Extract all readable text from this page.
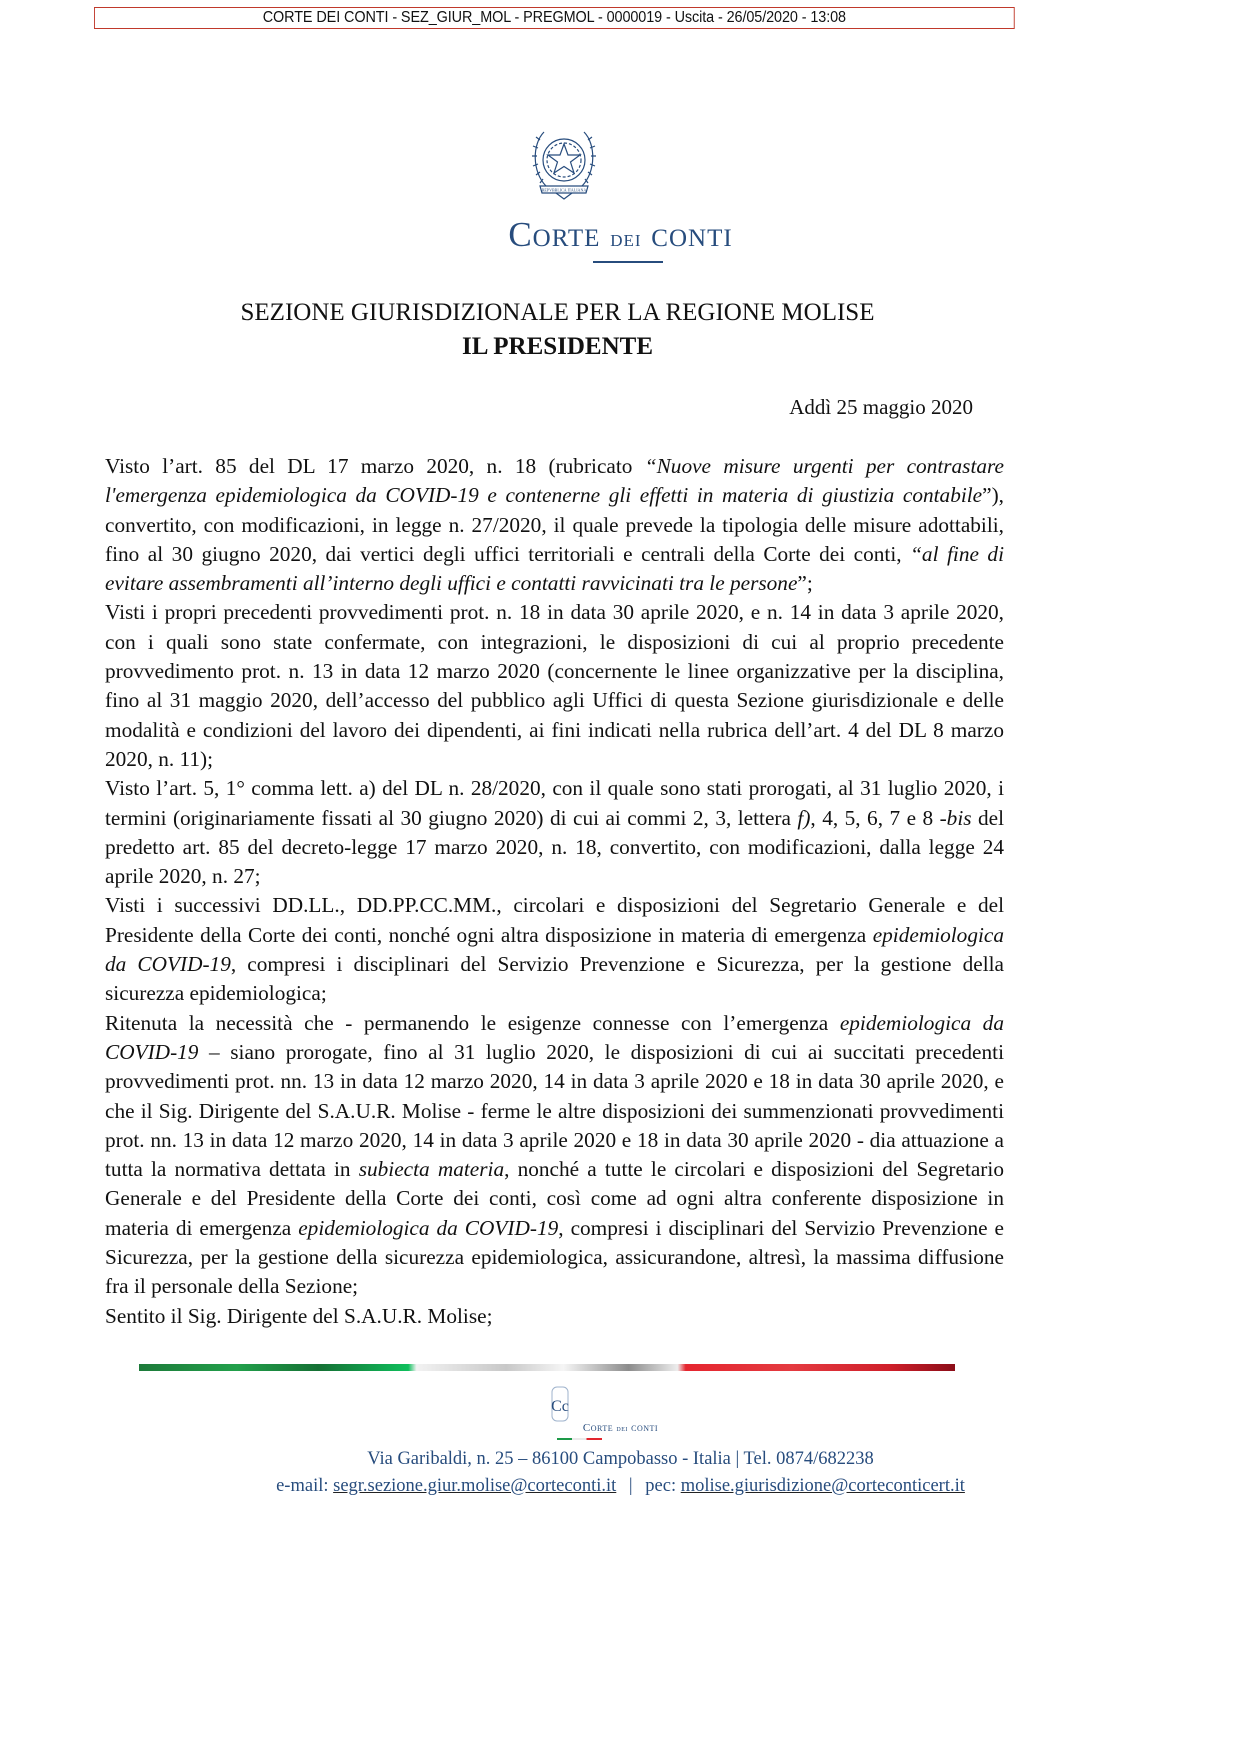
CORTE DEI CONTI - SEZ_GIUR_MOL - PREGMOL - 0000019 - Uscita - 26/05/2020 - 13:08
REPVBBLICA ITALIANA
Corte dei conti
SEZIONE GIURISDIZIONALE PER LA REGIONE MOLISE
IL PRESIDENTE
Addì 25 maggio 2020

Visto l’art. 85 del DL 17 marzo 2020, n. 18 (rubricato “Nuove misure urgenti per contrastare l'emergenza epidemiologica da COVID-19 e contenerne gli effetti in materia di giustizia contabile”), convertito, con modificazioni, in legge n. 27/2020, il quale prevede la tipologia delle misure adottabili, fino al 30 giugno 2020, dai vertici degli uffici territoriali e centrali della Corte dei conti, “al fine di evitare assembramenti all’interno degli uffici e contatti ravvicinati tra le persone”;

Visti i propri precedenti provvedimenti prot. n. 18 in data 30 aprile 2020, e n. 14 in data 3 aprile 2020, con i quali sono state confermate, con integrazioni, le disposizioni di cui al proprio precedente provvedimento prot. n. 13 in data 12 marzo 2020 (concernente le linee organizzative per la disciplina, fino al 31 maggio 2020, dell’accesso del pubblico agli Uffici di questa Sezione giurisdizionale e delle modalità e condizioni del lavoro dei dipendenti, ai fini indicati nella rubrica dell’art. 4 del DL 8 marzo 2020, n. 11);

Visto l’art. 5, 1° comma lett. a) del DL n. 28/2020, con il quale sono stati prorogati, al 31 luglio 2020, i termini (originariamente fissati al 30 giugno 2020) di cui ai commi 2, 3, lettera f), 4, 5, 6, 7 e 8 -bis del predetto art. 85 del decreto-legge 17 marzo 2020, n. 18, convertito, con modificazioni, dalla legge 24 aprile 2020, n. 27;

Visti i successivi DD.LL., DD.PP.CC.MM., circolari e disposizioni del Segretario Generale e del Presidente della Corte dei conti, nonché ogni altra disposizione in materia di emergenza epidemiologica da COVID-19, compresi i disciplinari del Servizio Prevenzione e Sicurezza, per la gestione della sicurezza epidemiologica;

Ritenuta la necessità che - permanendo le esigenze connesse con l’emergenza epidemiologica da COVID-19 – siano prorogate, fino al 31 luglio 2020, le disposizioni di cui ai succitati precedenti provvedimenti prot. nn. 13 in data 12 marzo 2020, 14 in data 3 aprile 2020 e 18 in data 30 aprile 2020, e che il Sig. Dirigente del S.A.U.R. Molise - ferme le altre disposizioni dei summenzionati provvedimenti prot. nn. 13 in data 12 marzo 2020, 14 in data 3 aprile 2020 e 18 in data 30 aprile 2020 - dia attuazione a tutta la normativa dettata in subiecta materia, nonché a tutte le circolari e disposizioni del Segretario Generale e del Presidente della Corte dei conti, così come ad ogni altra conferente disposizione in materia di emergenza epidemiologica da COVID-19, compresi i disciplinari del Servizio Prevenzione e Sicurezza, per la gestione della sicurezza epidemiologica, assicurandone, altresì, la massima diffusione fra il personale della Sezione;

Sentito il Sig. Dirigente del S.A.U.R. Molise;

Cc
Corte dei conti
Via Garibaldi, n. 25 – 86100 Campobasso - Italia | Tel. 0874/682238
e-mail: segr.sezione.giur.molise@corteconti.it | pec: molise.giurisdizione@corteconticert.it
